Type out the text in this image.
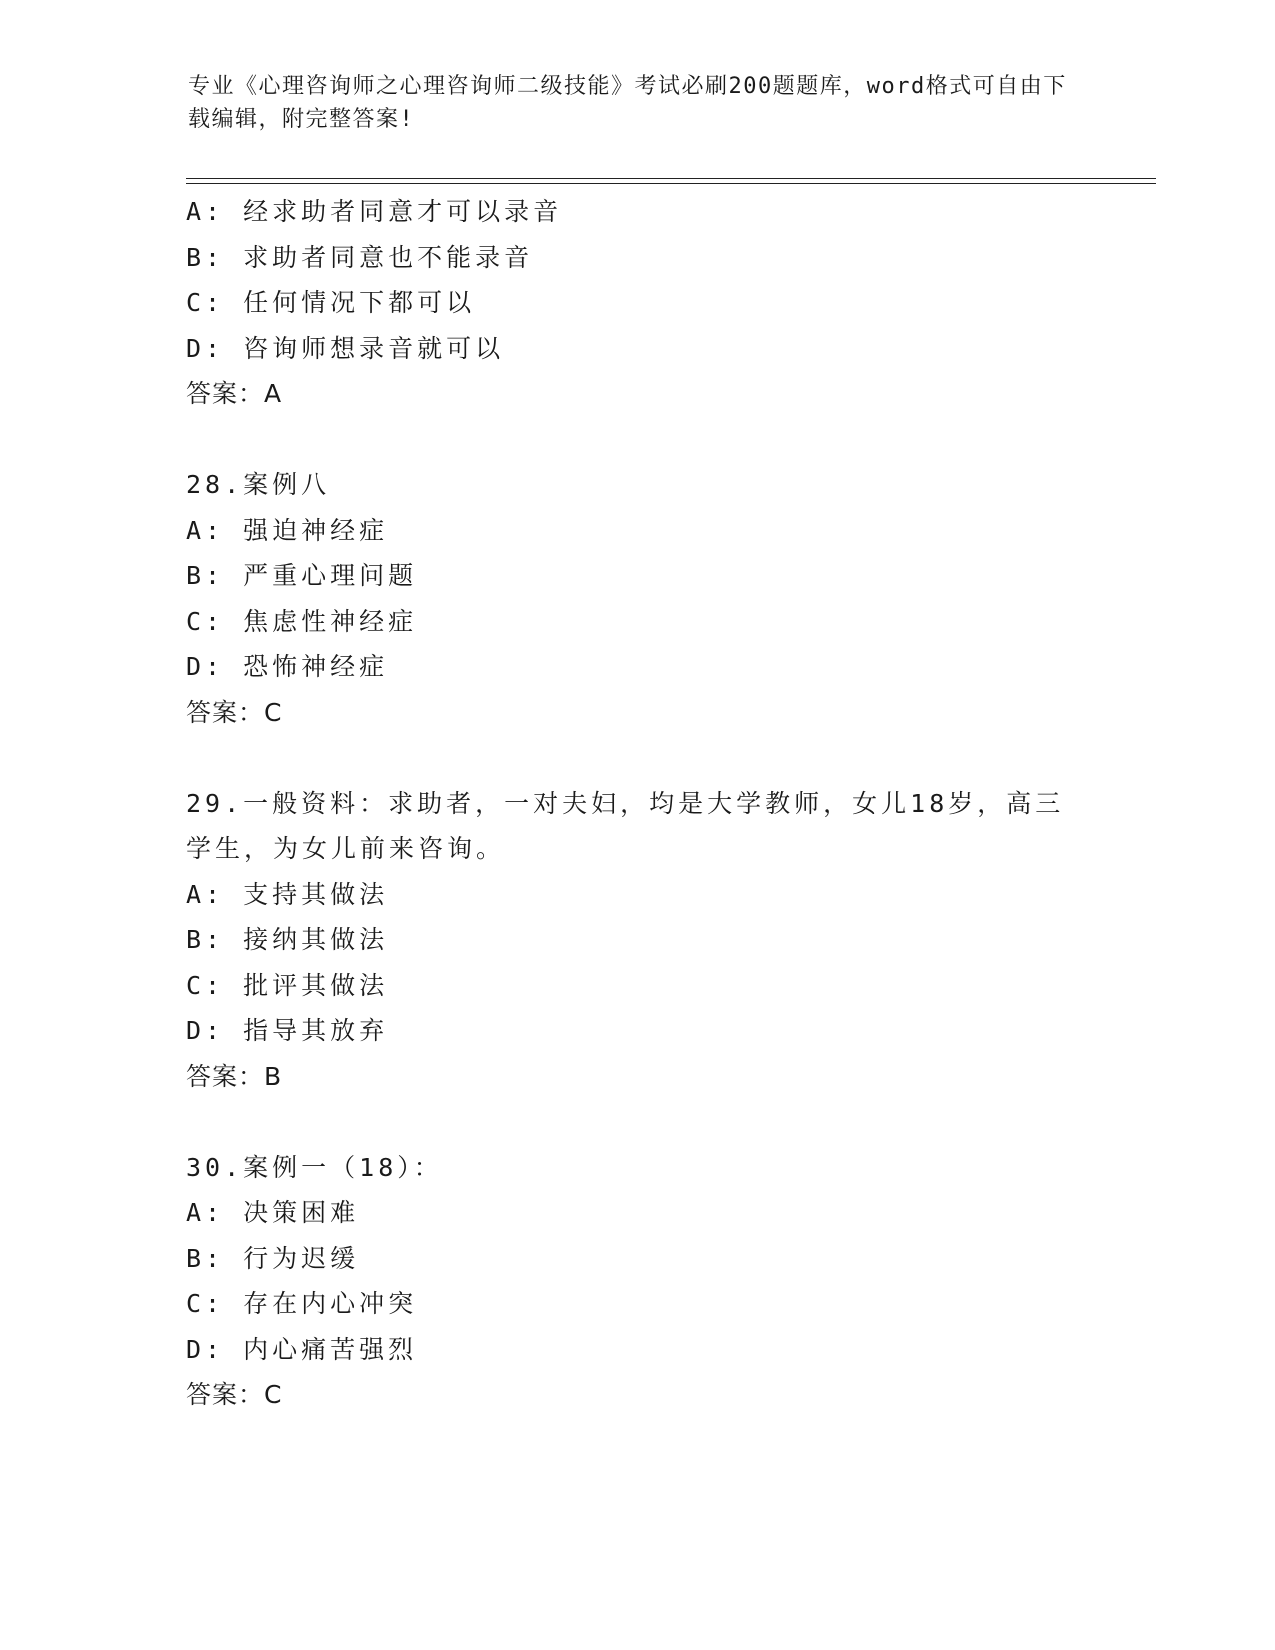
专业《心理咨询师之心理咨询师二级技能》考试必刷200题题库，word格式可自由下载编辑，附完整答案!
A: 经求助者同意才可以录音
B: 求助者同意也不能录音
C: 任何情况下都可以
D: 咨询师想录音就可以
答案：A
28.案例八
A: 强迫神经症
B: 严重心理问题
C: 焦虑性神经症
D: 恐怖神经症
答案：C
29.一般资料：求助者，一对夫妇，均是大学教师，女儿18岁，高三
学生，为女儿前来咨询。
A: 支持其做法
B: 接纳其做法
C: 批评其做法
D: 指导其放弃
答案：B
30.案例一（18）：
A: 决策困难
B: 行为迟缓
C: 存在内心冲突
D: 内心痛苦强烈
答案：C
